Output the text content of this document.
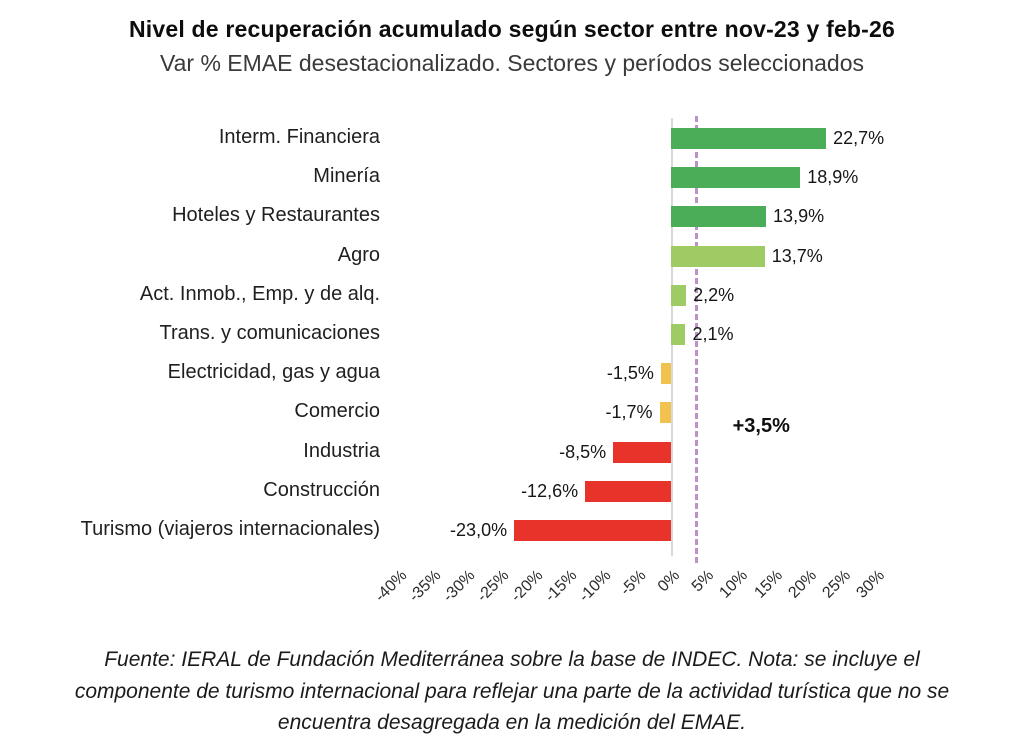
Nivel de recuperación acumulado según sector entre nov-23 y feb-26
Var % EMAE desestacionalizado. Sectores y períodos seleccionados
Interm. Financiera
Minería
Hoteles y Restaurantes
Agro
Act. Inmob., Emp. y de alq.
Trans. y comunicaciones
Electricidad, gas y agua
Comercio
Industria
Construcción
Turismo (viajeros internacionales)
+3,5%
22,7%
18,9%
13,9%
13,7%
2,2%
2,1%
-1,5%
-1,7%
-8,5%
-12,6%
-23,0%
-40%
-35%
-30%
-25%
-20%
-15%
-10% -5% 0% 5% 10% 15% 20% 25% 30%
Fuente: IERAL de Fundación Mediterránea sobre la base de INDEC. Nota: se incluye el componente de turismo internacional para reflejar una parte de la actividad turística que no se encuentra desagregada en la medición del EMAE.
